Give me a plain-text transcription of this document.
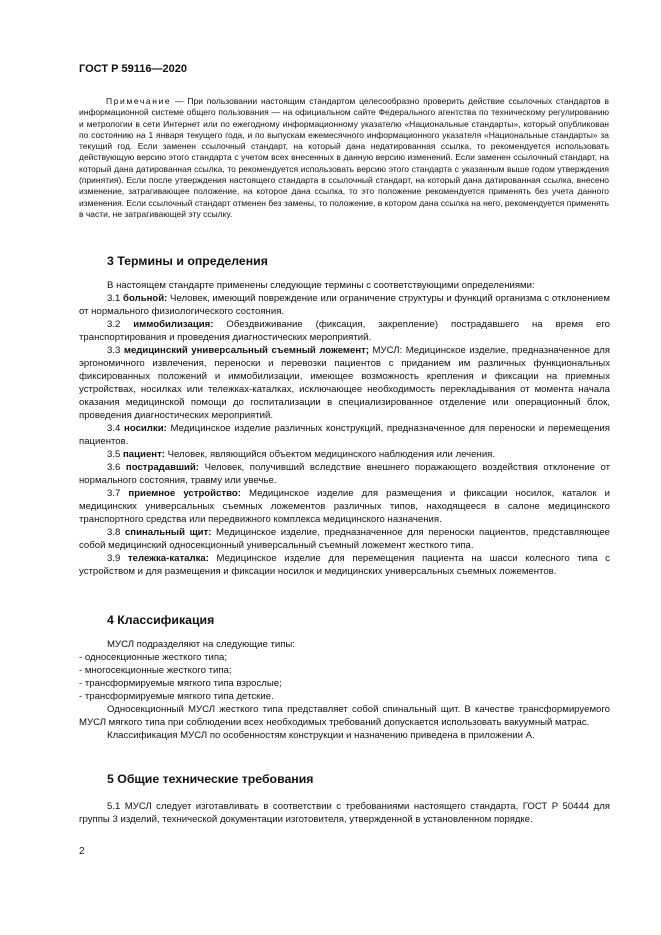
ГОСТ Р 59116—2020

Примечание — При пользовании настоящим стандартом целесообразно проверить действие ссылочных стандартов в информационной системе общего пользования — на официальном сайте Федерального агентства по техническому регулированию и метрологии в сети Интернет или по ежегодному информационному указателю «Национальные стандарты», который опубликован по состоянию на 1 января текущего года, и по выпускам ежемесячного информационного указателя «Национальные стандарты» за текущий год. Если заменен ссылочный стандарт, на который дана недатированная ссылка, то рекомендуется использовать действующую версию этого стандарта с учетом всех внесенных в данную версию изменений. Если заменен ссылочный стандарт, на который дана датированная ссылка, то рекомендуется использовать версию этого стандарта с указанным выше годом утверждения (принятия). Если после утверждения настоящего стандарта в ссылочный стандарт, на который дана датированная ссылка, внесено изменение, затрагивающее положение, на которое дана ссылка, то это положение рекомендуется применять без учета данного изменения. Если ссылочный стандарт отменен без замены, то положение, в котором дана ссылка на него, рекомендуется применять в части, не затрагивающей эту ссылку.

3 Термины и определения

В настоящем стандарте применены следующие термины с соответствующими определениями:

3.1 больной: Человек, имеющий повреждение или ограничение структуры и функций организма с отклонением от нормального физиологического состояния.

3.2 иммобилизация: Обездвиживание (фиксация, закрепление) пострадавшего на время его транспортирования и проведения диагностических мероприятий.

3.3 медицинский универсальный съемный ложемент; МУСЛ: Медицинское изделие, предназначенное для эргономичного извлечения, переноски и перевозки пациентов с приданием им различных функциональных фиксированных положений и иммобилизации, имеющее возможность крепления и фиксации на приемных устройствах, носилках или тележках-каталках, исключающее необходимость перекладывания от момента начала оказания медицинской помощи до госпитализации в специализированное отделение или операционный блок, проведения диагностических мероприятий.

3.4 носилки: Медицинское изделие различных конструкций, предназначенное для переноски и перемещения пациентов.

3.5 пациент: Человек, являющийся объектом медицинского наблюдения или лечения.

3.6 пострадавший: Человек, получивший вследствие внешнего поражающего воздействия отклонение от нормального состояния, травму или увечье.

3.7 приемное устройство: Медицинское изделие для размещения и фиксации носилок, каталок и медицинских универсальных съемных ложементов различных типов, находящееся в салоне медицинского транспортного средства или передвижного комплекса медицинского назначения.

3.8 спинальный щит: Медицинское изделие, предназначенное для переноски пациентов, представляющее собой медицинский односекционный универсальный съемный ложемент жесткого типа.

3.9 тележка-каталка: Медицинское изделие для перемещения пациента на шасси колесного типа с устройством и для размещения и фиксации носилок и медицинских универсальных съемных ложементов.

4 Классификация

МУСЛ подразделяют на следующие типы:

- односекционные жесткого типа;

- многосекционные жесткого типа;

- трансформируемые мягкого типа взрослые;

- трансформируемые мягкого типа детские.

Односекционный МУСЛ жесткого типа представляет собой спинальный щит. В качестве трансформируемого МУСЛ мягкого типа при соблюдении всех необходимых требований допускается использовать вакуумный матрас.

Классификация МУСЛ по особенностям конструкции и назначению приведена в приложении А.

5 Общие технические требования

5.1 МУСЛ следует изготавливать в соответствии с требованиями настоящего стандарта, ГОСТ Р 50444 для группы 3 изделий, технической документации изготовителя, утвержденной в установленном порядке.

2
